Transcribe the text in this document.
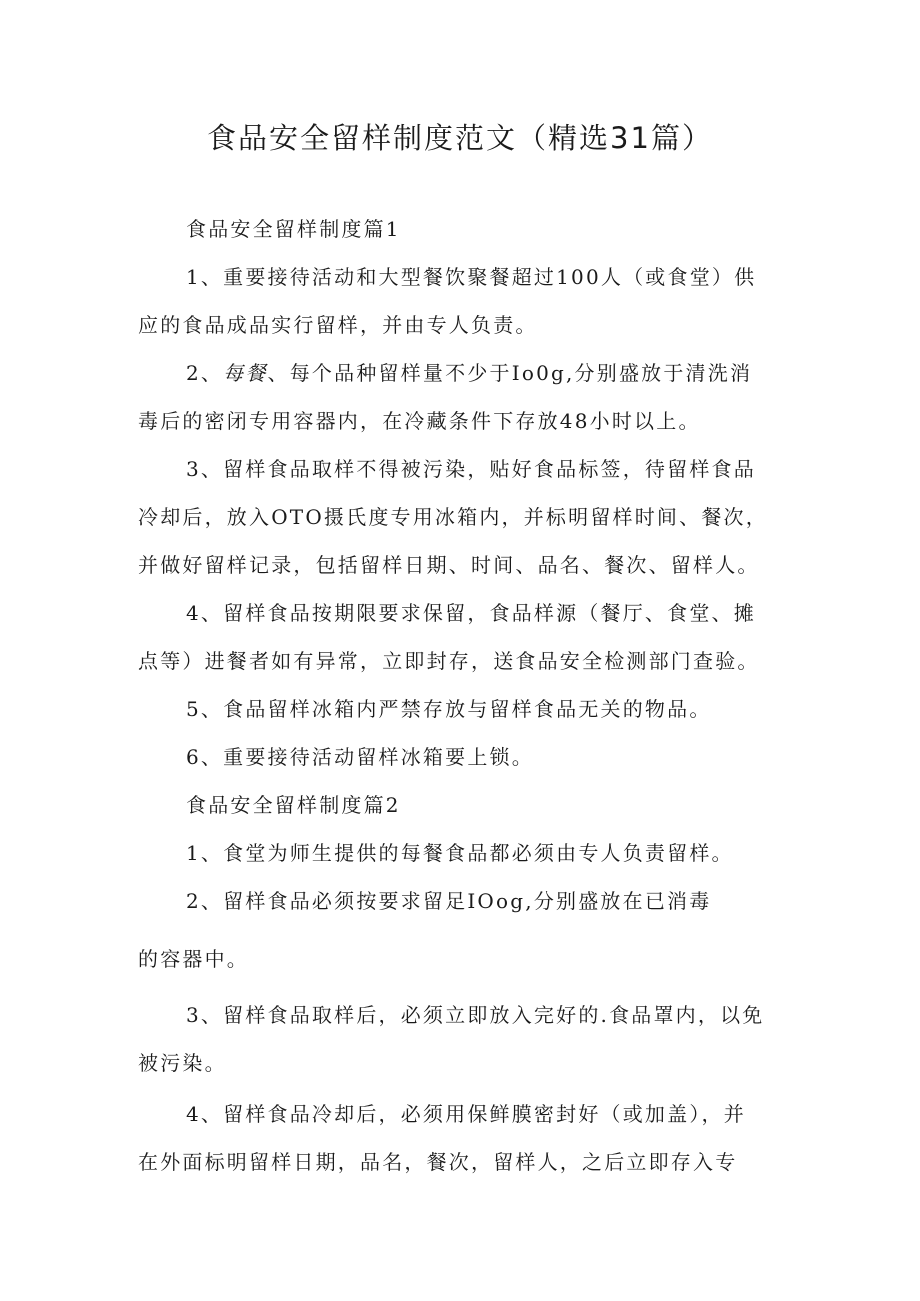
食品安全留样制度范文（精选31篇）
食品安全留样制度篇1
1、重要接待活动和大型餐饮聚餐超过100人（或食堂）供
应的食品成品实行留样，并由专人负责。
2、每餐、每个品种留样量不少于Io0g,分别盛放于清洗消
毒后的密闭专用容器内，在冷藏条件下存放48小时以上。
3、留样食品取样不得被污染，贴好食品标签，待留样食品
冷却后，放入OTO摄氏度专用冰箱内，并标明留样时间、餐次，
并做好留样记录，包括留样日期、时间、品名、餐次、留样人。
4、留样食品按期限要求保留，食品样源（餐厅、食堂、摊
点等）进餐者如有异常，立即封存，送食品安全检测部门查验。
5、食品留样冰箱内严禁存放与留样食品无关的物品。
6、重要接待活动留样冰箱要上锁。
食品安全留样制度篇2
1、食堂为师生提供的每餐食品都必须由专人负责留样。
2、留样食品必须按要求留足IOog,分别盛放在已消毒
的容器中。
3、留样食品取样后，必须立即放入完好的.食品罩内，以免
被污染。
4、留样食品冷却后，必须用保鲜膜密封好（或加盖），并
在外面标明留样日期，品名，餐次，留样人，之后立即存入专
